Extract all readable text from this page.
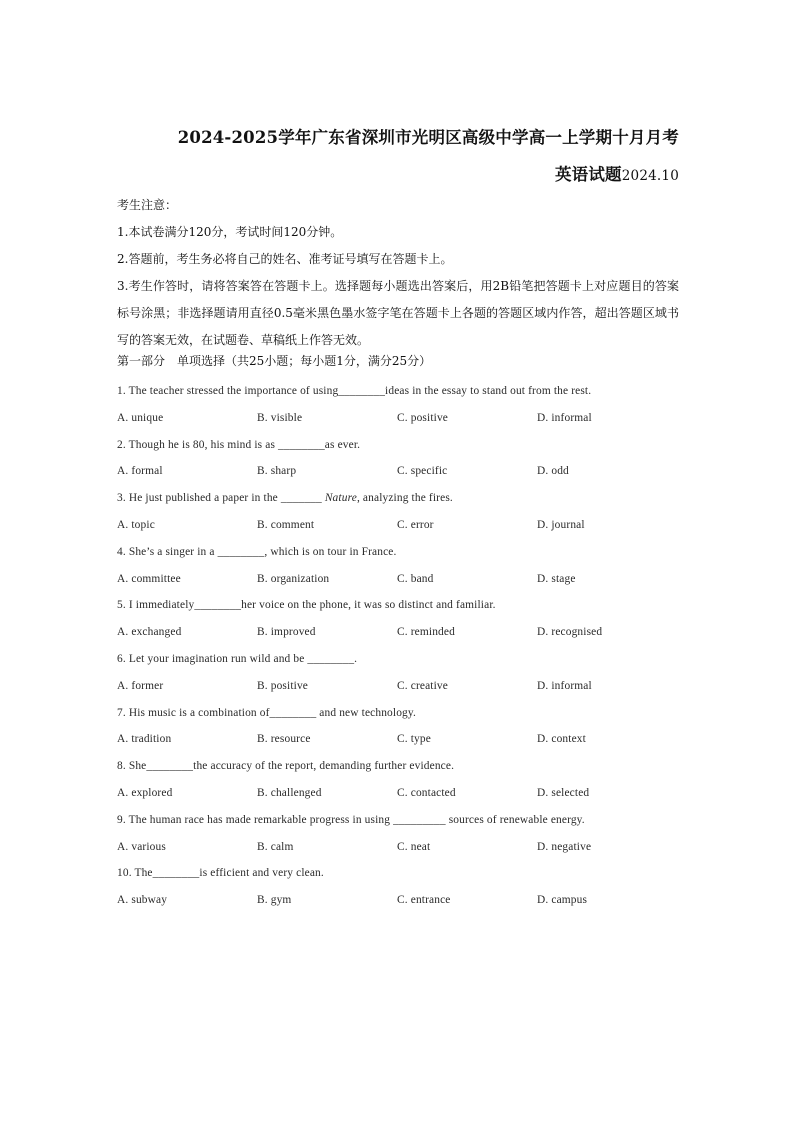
2024-2025学年广东省深圳市光明区高级中学高一上学期十月月考
英语试题2024.10
考生注意：
1.本试卷满分120分，考试时间120分钟。
2.答题前，考生务必将自己的姓名、准考证号填写在答题卡上。
3.考生作答时，请将答案答在答题卡上。选择题每小题选出答案后，用2B铅笔把答题卡上对应题目的答案标号涂黑；非选择题请用直径0.5毫米黑色墨水签字笔在答题卡上各题的答题区域内作答，超出答题区域书写的答案无效，在试题卷、草稿纸上作答无效。
第一部分　单项选择（共25小题；每小题1分，满分25分）
1. The teacher stressed the importance of using________ideas in the essay to stand out from the rest.
A. unique	B. visible	C. positive	D. informal
2. Though he is 80, his mind is as ________as ever.
A. formal	B. sharp	C. specific	D. odd
3. He just published a paper in the _______ Nature, analyzing the fires.
A. topic	B. comment	C. error	D. journal
4. She’s a singer in a ________, which is on tour in France.
A. committee	B. organization	C. band	D. stage
5. I immediately________her voice on the phone, it was so distinct and familiar.
A. exchanged	B. improved	C. reminded	D. recognised
6. Let your imagination run wild and be ________.
A. former	B. positive	C. creative	D. informal
7. His music is a combination of________ and new technology.
A. tradition	B. resource	C. type	D. context
8. She________the accuracy of the report, demanding further evidence.
A. explored	B. challenged	C. contacted	D. selected
9. The human race has made remarkable progress in using _________ sources of renewable energy.
A. various	B. calm	C. neat	D. negative
10. The________is efficient and very clean.
A. subway	B. gym	C. entrance	D. campus
